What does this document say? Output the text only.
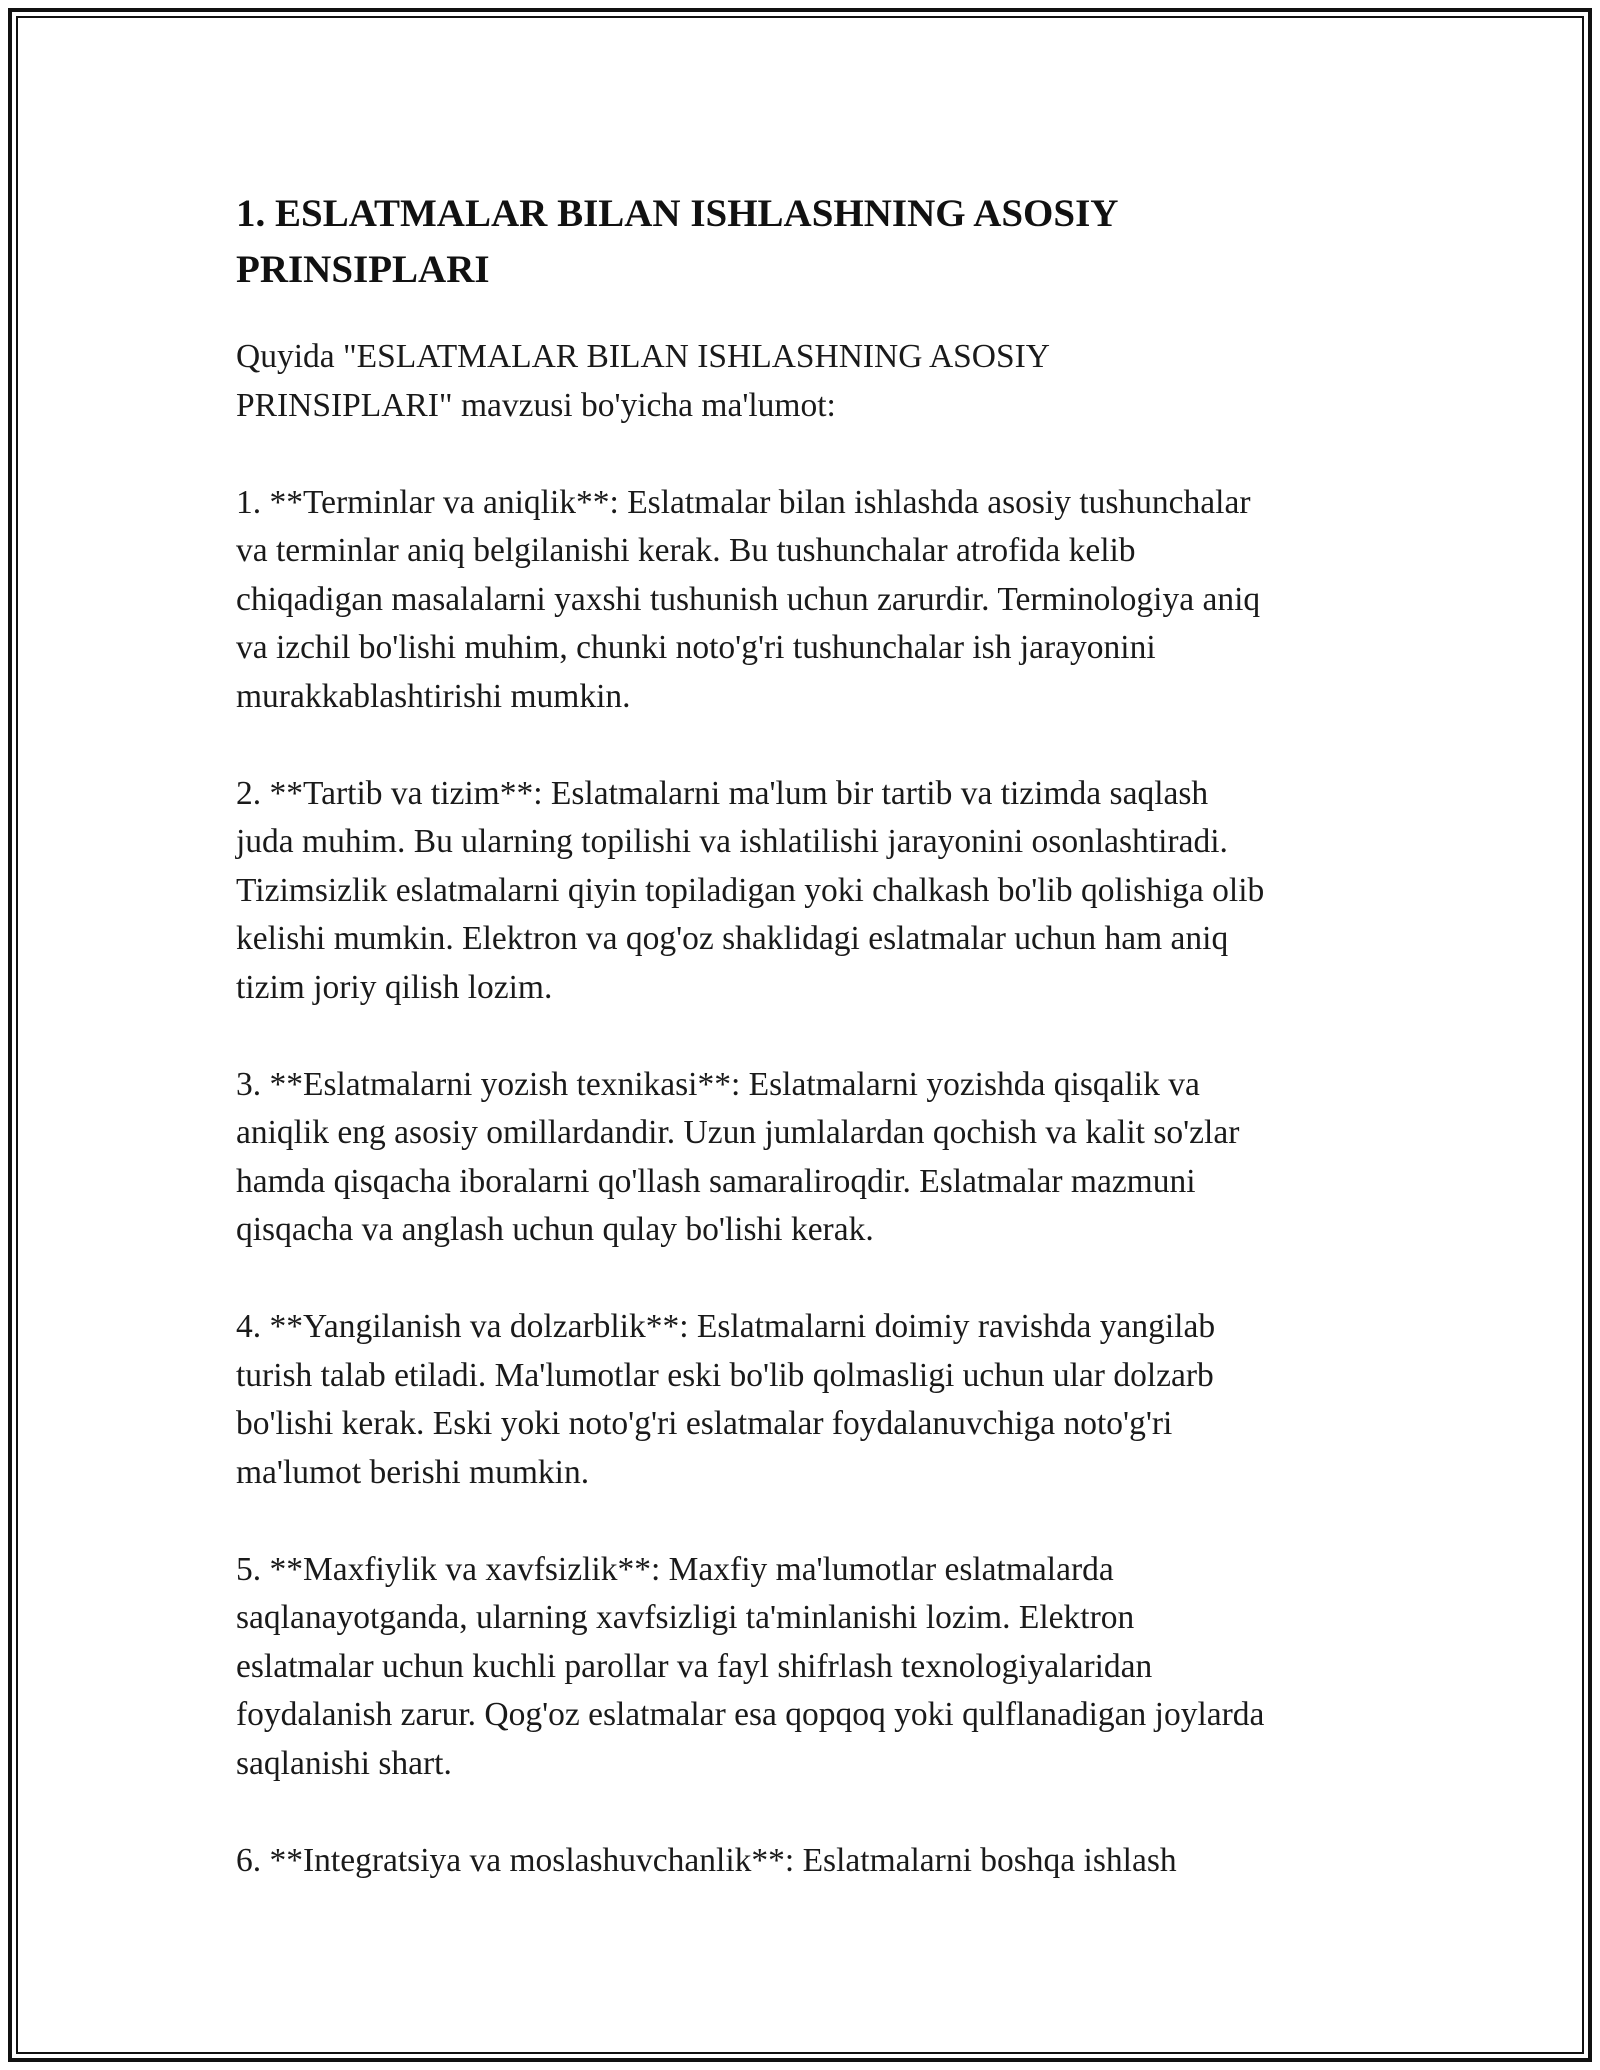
1. ESLATMALAR BILAN ISHLASHNING ASOSIY
PRINSIPLARI

Quyida "ESLATMALAR BILAN ISHLASHNING ASOSIY
PRINSIPLARI" mavzusi bo'yicha ma'lumot:

1. **Terminlar va aniqlik**: Eslatmalar bilan ishlashda asosiy tushunchalar
va terminlar aniq belgilanishi kerak. Bu tushunchalar atrofida kelib
chiqadigan masalalarni yaxshi tushunish uchun zarurdir. Terminologiya aniq
va izchil bo'lishi muhim, chunki noto'g'ri tushunchalar ish jarayonini
murakkablashtirishi mumkin.

2. **Tartib va tizim**: Eslatmalarni ma'lum bir tartib va tizimda saqlash
juda muhim. Bu ularning topilishi va ishlatilishi jarayonini osonlashtiradi.
Tizimsizlik eslatmalarni qiyin topiladigan yoki chalkash bo'lib qolishiga olib
kelishi mumkin. Elektron va qog'oz shaklidagi eslatmalar uchun ham aniq
tizim joriy qilish lozim.

3. **Eslatmalarni yozish texnikasi**: Eslatmalarni yozishda qisqalik va
aniqlik eng asosiy omillardandir. Uzun jumlalardan qochish va kalit so'zlar
hamda qisqacha iboralarni qo'llash samaraliroqdir. Eslatmalar mazmuni
qisqacha va anglash uchun qulay bo'lishi kerak.

4. **Yangilanish va dolzarblik**: Eslatmalarni doimiy ravishda yangilab
turish talab etiladi. Ma'lumotlar eski bo'lib qolmasligi uchun ular dolzarb
bo'lishi kerak. Eski yoki noto'g'ri eslatmalar foydalanuvchiga noto'g'ri
ma'lumot berishi mumkin.

5. **Maxfiylik va xavfsizlik**: Maxfiy ma'lumotlar eslatmalarda
saqlanayotganda, ularning xavfsizligi ta'minlanishi lozim. Elektron
eslatmalar uchun kuchli parollar va fayl shifrlash texnologiyalaridan
foydalanish zarur. Qog'oz eslatmalar esa qopqoq yoki qulflanadigan joylarda
saqlanishi shart.

6. **Integratsiya va moslashuvchanlik**: Eslatmalarni boshqa ishlash
